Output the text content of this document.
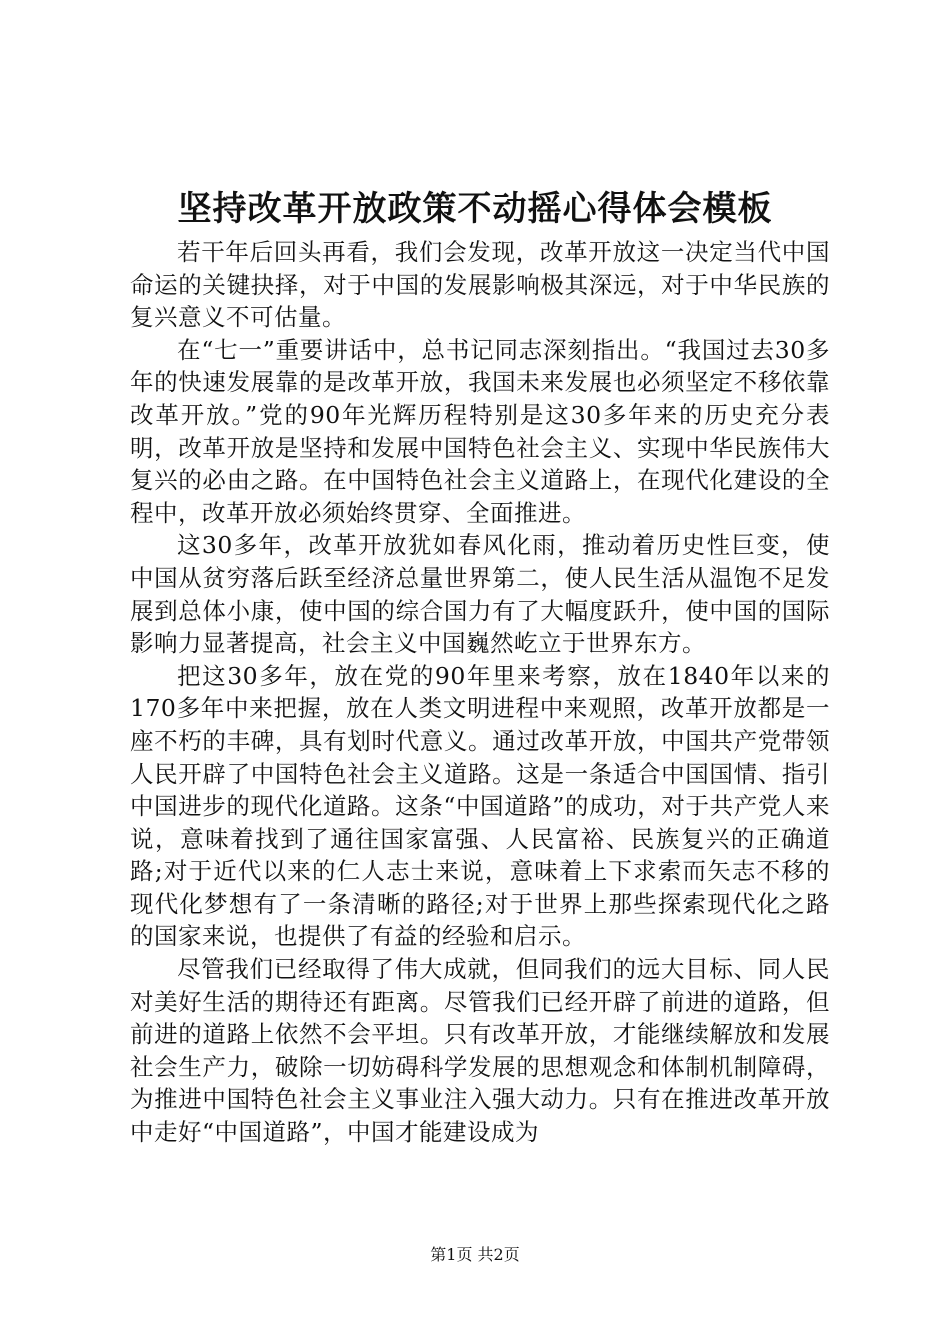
坚持改革开放政策不动摇心得体会模板

若干年后回头再看，我们会发现，改革开放这一决定当代中国命运的关键抉择，对于中国的发展影响极其深远，对于中华民族的复兴意义不可估量。

在“七一”重要讲话中，总书记同志深刻指出。“我国过去30多年的快速发展靠的是改革开放，我国未来发展也必须坚定不移依靠改革开放。”党的90年光辉历程特别是这30多年来的历史充分表明，改革开放是坚持和发展中国特色社会主义、实现中华民族伟大复兴的必由之路。在中国特色社会主义道路上，在现代化建设的全程中，改革开放必须始终贯穿、全面推进。

这30多年，改革开放犹如春风化雨，推动着历史性巨变，使中国从贫穷落后跃至经济总量世界第二，使人民生活从温饱不足发展到总体小康，使中国的综合国力有了大幅度跃升，使中国的国际影响力显著提高，社会主义中国巍然屹立于世界东方。

把这30多年，放在党的90年里来考察，放在1840年以来的170多年中来把握，放在人类文明进程中来观照，改革开放都是一座不朽的丰碑，具有划时代意义。通过改革开放，中国共产党带领人民开辟了中国特色社会主义道路。这是一条适合中国国情、指引中国进步的现代化道路。这条“中国道路”的成功，对于共产党人来说，意味着找到了通往国家富强、人民富裕、民族复兴的正确道路;对于近代以来的仁人志士来说，意味着上下求索而矢志不移的现代化梦想有了一条清晰的路径;对于世界上那些探索现代化之路的国家来说，也提供了有益的经验和启示。

尽管我们已经取得了伟大成就，但同我们的远大目标、同人民对美好生活的期待还有距离。尽管我们已经开辟了前进的道路，但前进的道路上依然不会平坦。只有改革开放，才能继续解放和发展社会生产力，破除一切妨碍科学发展的思想观念和体制机制障碍，为推进中国特色社会主义事业注入强大动力。只有在推进改革开放中走好“中国道路”，中国才能建设成为

第1页 共2页
